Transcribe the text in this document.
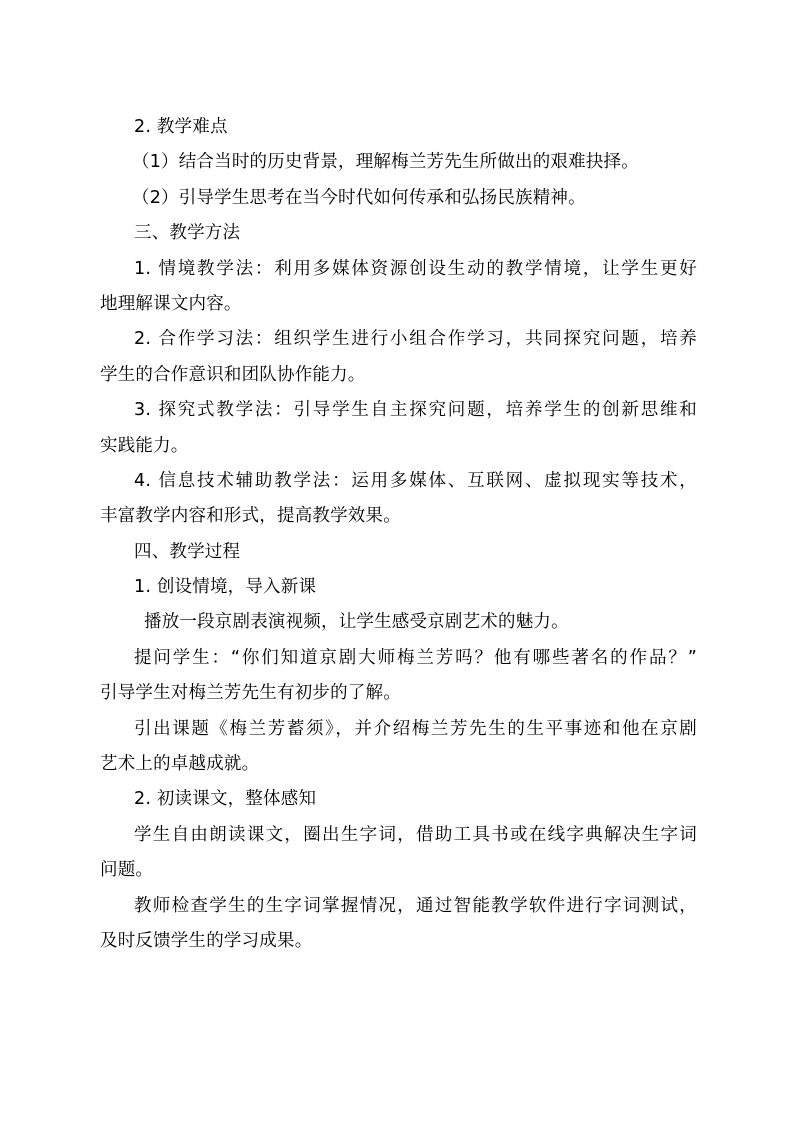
2. 教学难点
（1）结合当时的历史背景，理解梅兰芳先生所做出的艰难抉择。
（2）引导学生思考在当今时代如何传承和弘扬民族精神。
三、教学方法
1. 情境教学法：利用多媒体资源创设生动的教学情境，让学生更好
地理解课文内容。
2. 合作学习法：组织学生进行小组合作学习，共同探究问题，培养
学生的合作意识和团队协作能力。
3. 探究式教学法：引导学生自主探究问题，培养学生的创新思维和
实践能力。
4. 信息技术辅助教学法：运用多媒体、互联网、虚拟现实等技术，
丰富教学内容和形式，提高教学效果。
四、教学过程
1. 创设情境，导入新课
播放一段京剧表演视频，让学生感受京剧艺术的魅力。
提问学生：“你们知道京剧大师梅兰芳吗？他有哪些著名的作品？”
引导学生对梅兰芳先生有初步的了解。
引出课题《梅兰芳蓄须》，并介绍梅兰芳先生的生平事迹和他在京剧
艺术上的卓越成就。
2. 初读课文，整体感知
学生自由朗读课文，圈出生字词，借助工具书或在线字典解决生字词
问题。
教师检查学生的生字词掌握情况，通过智能教学软件进行字词测试，
及时反馈学生的学习成果。
